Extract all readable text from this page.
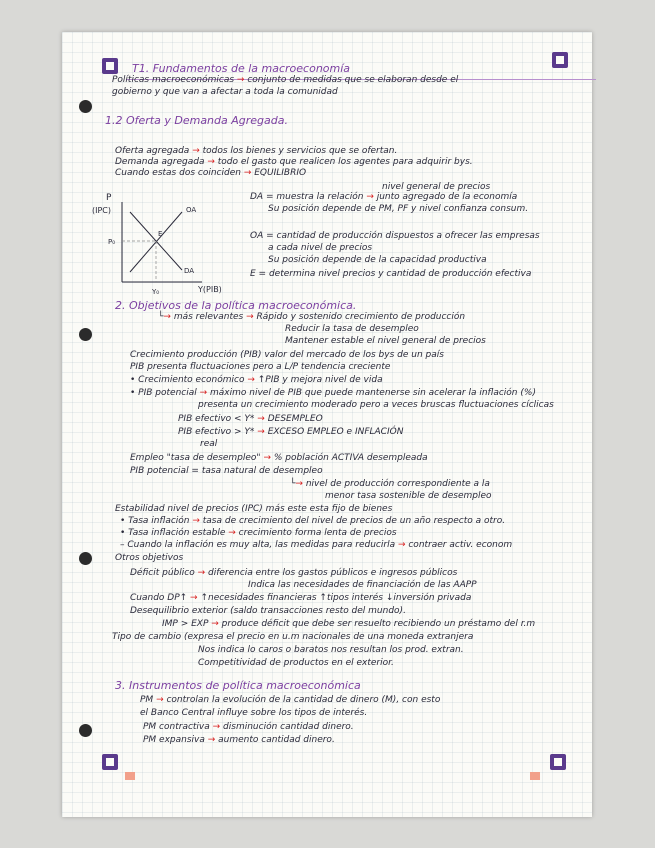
T1. Fundamentos de la macroeconomía
P
(IPC)
P₀
Y₀
E
OA
DA
Y(PIB)
Políticas macroeconómicas → conjunto de medidas que se elaboran desde el
gobierno y que van a afectar a toda la comunidad
1.2 Oferta y Demanda Agregada.
Oferta agregada → todos los bienes y servicios que se ofertan.
Demanda agregada → todo el gasto que realicen los agentes para adquirir bys.
Cuando estas dos coinciden → EQUILIBRIO
nivel general de precios
DA = muestra la relación → junto agregado de la economía
Su posición depende de PM, PF y nivel confianza consum.
OA = cantidad de producción dispuestos a ofrecer las empresas
a cada nivel de precios
Su posición depende de la capacidad productiva
E = determina nivel precios y cantidad de producción efectiva
2. Objetivos de la política macroeconómica.
└→ más relevantes → Rápido y sostenido crecimiento de producción
Reducir la tasa de desempleo
Mantener estable el nivel general de precios
Crecimiento producción (PIB) valor del mercado de los bys de un país
PIB presenta fluctuaciones pero a L/P tendencia creciente
• Crecimiento económico → ↑PIB y mejora nivel de vida
• PIB potencial → máximo nivel de PIB que puede mantenerse sin acelerar la inflación (%)
presenta un crecimiento moderado pero a veces bruscas fluctuaciones cíclicas
PIB efectivo < Y* → DESEMPLEO
PIB efectivo > Y* → EXCESO EMPLEO e INFLACIÓN
real
Empleo "tasa de desempleo" → % población ACTIVA desempleada
PIB potencial = tasa natural de desempleo
└→ nivel de producción correspondiente a la
menor tasa sostenible de desempleo
Estabilidad nivel de precios (IPC) más este esta fijo de bienes
• Tasa inflación → tasa de crecimiento del nivel de precios de un año respecto a otro.
• Tasa inflación estable → crecimiento forma lenta de precios
– Cuando la inflación es muy alta, las medidas para reducirla → contraer activ. econom
Otros objetivos
Déficit público → diferencia entre los gastos públicos e ingresos públicos
Indica las necesidades de financiación de las AAPP
Cuando DP↑ → ↑necesidades financieras ↑tipos interés ↓inversión privada
Desequilibrio exterior (saldo transacciones resto del mundo).
IMP > EXP → produce déficit que debe ser resuelto recibiendo un préstamo del r.m
Tipo de cambio (expresa el precio en u.m nacionales de una moneda extranjera
Nos indica lo caros o baratos nos resultan los prod. extran.
Competitividad de productos en el exterior.
3. Instrumentos de política macroeconómica
PM → controlan la evolución de la cantidad de dinero (M), con esto
el Banco Central influye sobre los tipos de interés.
PM contractiva → disminución cantidad dinero.
PM expansiva → aumento cantidad dinero.
